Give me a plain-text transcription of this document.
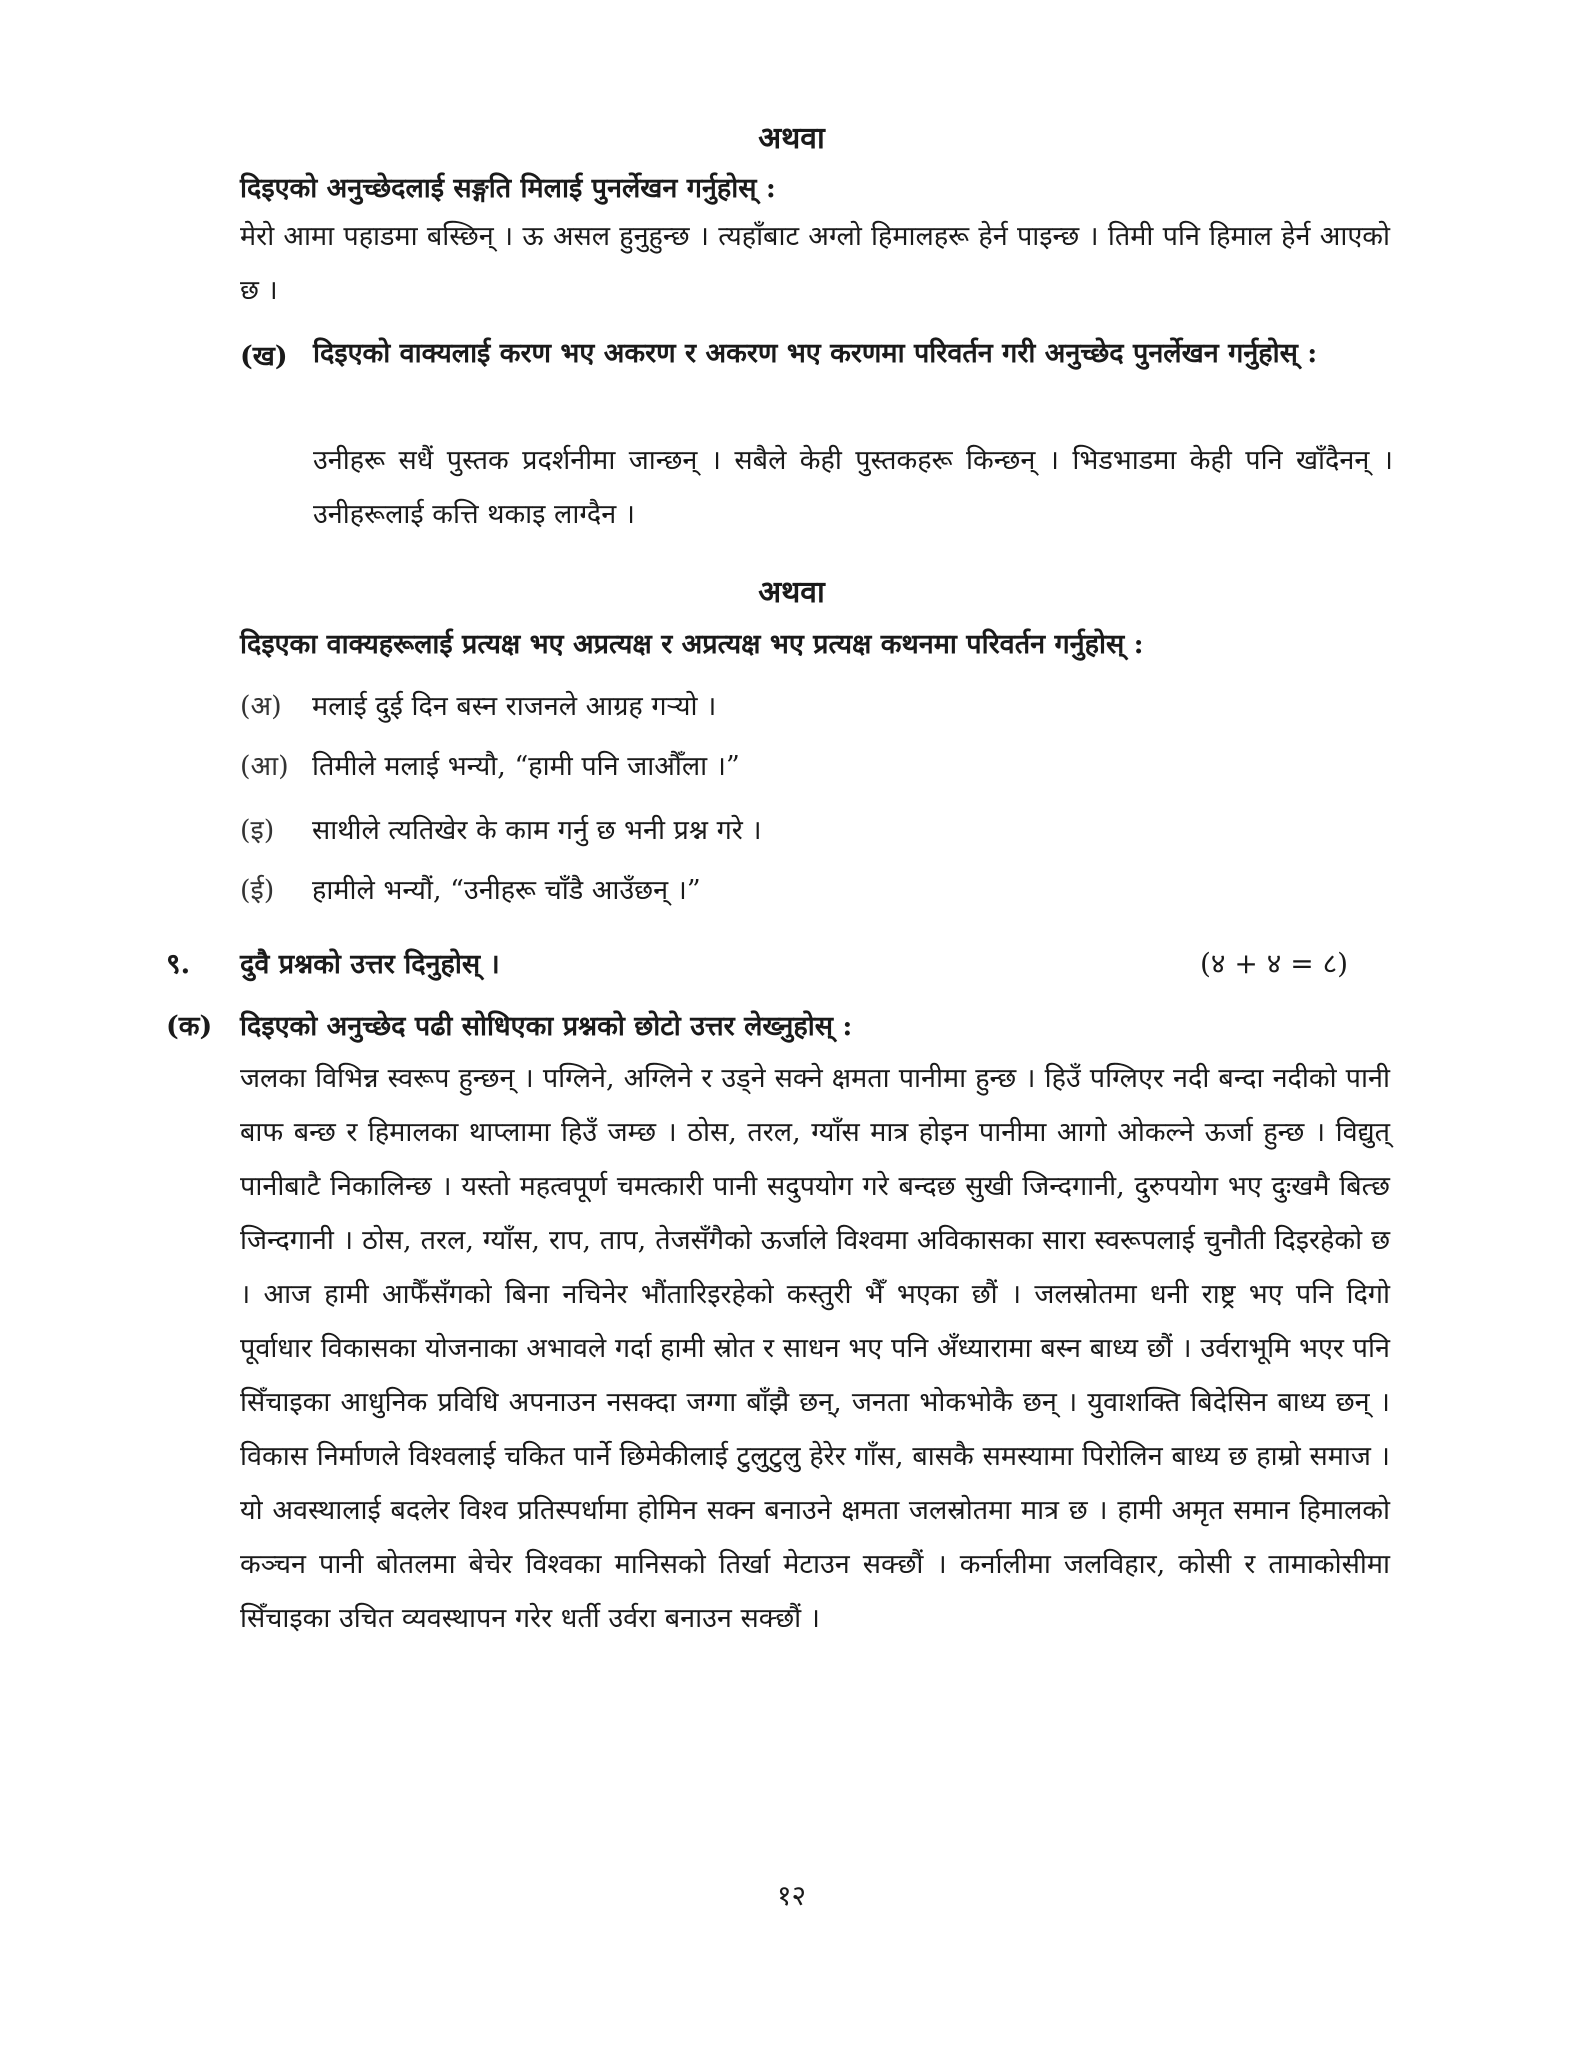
अथवा
दिइएको अनुच्छेदलाई सङ्गति मिलाई पुनर्लेखन गर्नुहोस् :
मेरो आमा पहाडमा बस्छिन् । ऊ असल हुनुहुन्छ । त्यहाँबाट अग्लो हिमालहरू हेर्न पाइन्छ । तिमी पनि हिमाल हेर्न आएको छ ।
(ख) दिइएको वाक्यलाई करण भए अकरण र अकरण भए करणमा परिवर्तन गरी अनुच्छेद पुनर्लेखन गर्नुहोस् :
उनीहरू सधैं पुस्तक प्रदर्शनीमा जान्छन् । सबैले केही पुस्तकहरू किन्छन् । भिडभाडमा केही पनि खाँदैनन् । उनीहरूलाई कत्ति थकाइ लाग्दैन ।
अथवा
दिइएका वाक्यहरूलाई प्रत्यक्ष भए अप्रत्यक्ष र अप्रत्यक्ष भए प्रत्यक्ष कथनमा परिवर्तन गर्नुहोस् :
(अ) मलाई दुई दिन बस्न राजनले आग्रह गऱ्यो ।
(आ) तिमीले मलाई भन्यौ, “हामी पनि जाऔँला ।”
(इ) साथीले त्यतिखेर के काम गर्नु छ भनी प्रश्न गरे ।
(ई) हामीले भन्यौं, “उनीहरू चाँडै आउँछन् ।”
९. दुवै प्रश्नको उत्तर दिनुहोस् ।	(४ + ४ = ८)
(क) दिइएको अनुच्छेद पढी सोधिएका प्रश्नको छोटो उत्तर लेख्नुहोस् :
जलका विभिन्न स्वरूप हुन्छन् । पग्लिने, अग्लिने र उड्ने सक्ने क्षमता पानीमा हुन्छ । हिउँ पग्लिएर नदी बन्दा नदीको पानी बाफ बन्छ र हिमालका थाप्लामा हिउँ जम्छ । ठोस, तरल, ग्याँस मात्र होइन पानीमा आगो ओकल्ने ऊर्जा हुन्छ । विद्युत् पानीबाटै निकालिन्छ । यस्तो महत्वपूर्ण चमत्कारी पानी सदुपयोग गरे बन्दछ सुखी जिन्दगानी, दुरुपयोग भए दुःखमै बित्छ जिन्दगानी । ठोस, तरल, ग्याँस, राप, ताप, तेजसँगैको ऊर्जाले विश्वमा अविकासका सारा स्वरूपलाई चुनौती दिइरहेको छ । आज हामी आफैँसँगको बिना नचिनेर भौंतारिइरहेको कस्तुरी भैँ भएका छौं । जलस्रोतमा धनी राष्ट्र भए पनि दिगो पूर्वाधार विकासका योजनाका अभावले गर्दा हामी स्रोत र साधन भए पनि अँध्यारामा बस्न बाध्य छौं । उर्वराभूमि भएर पनि सिँचाइका आधुनिक प्रविधि अपनाउन नसक्दा जग्गा बाँझै छन्, जनता भोकभोकै छन् । युवाशक्ति बिदेसिन बाध्य छन् । विकास निर्माणले विश्वलाई चकित पार्ने छिमेकीलाई टुलुटुलु हेरेर गाँस, बासकै समस्यामा पिरोलिन बाध्य छ हाम्रो समाज । यो अवस्थालाई बदलेर विश्व प्रतिस्पर्धामा होमिन सक्न बनाउने क्षमता जलस्रोतमा मात्र छ । हामी अमृत समान हिमालको कञ्चन पानी बोतलमा बेचेर विश्वका मानिसको तिर्खा मेटाउन सक्छौं । कर्नालीमा जलविहार, कोसी र तामाकोसीमा सिँचाइका उचित व्यवस्थापन गरेर धर्ती उर्वरा बनाउन सक्छौं ।
१२
